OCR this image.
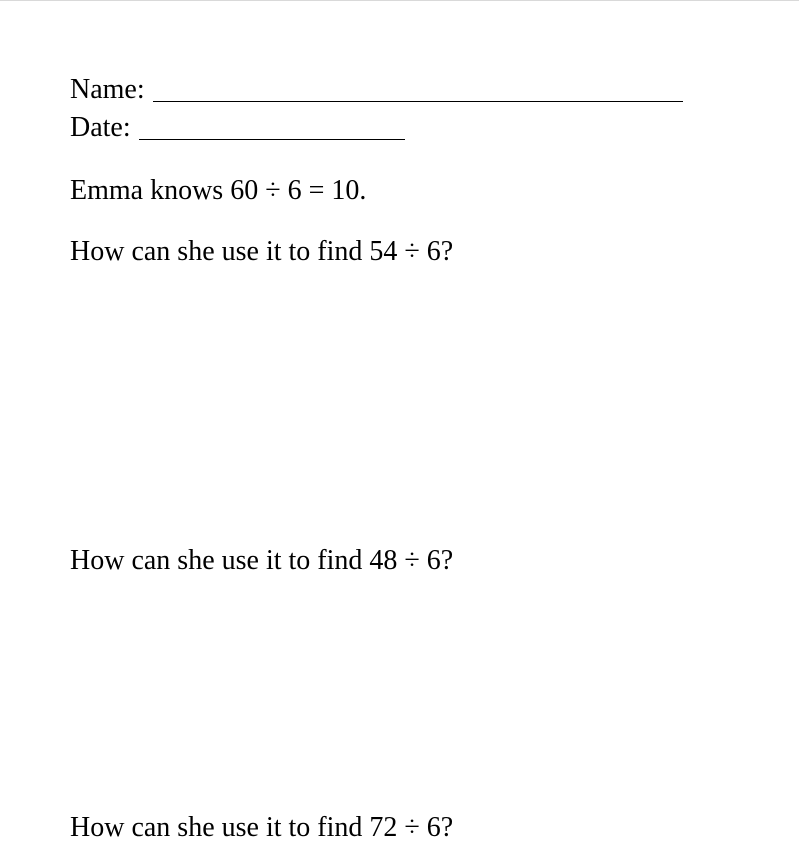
Name:
Date:
Emma knows 60 ÷ 6 = 10.
How can she use it to find 54 ÷ 6?
How can she use it to find 48 ÷ 6?
How can she use it to find 72 ÷ 6?
